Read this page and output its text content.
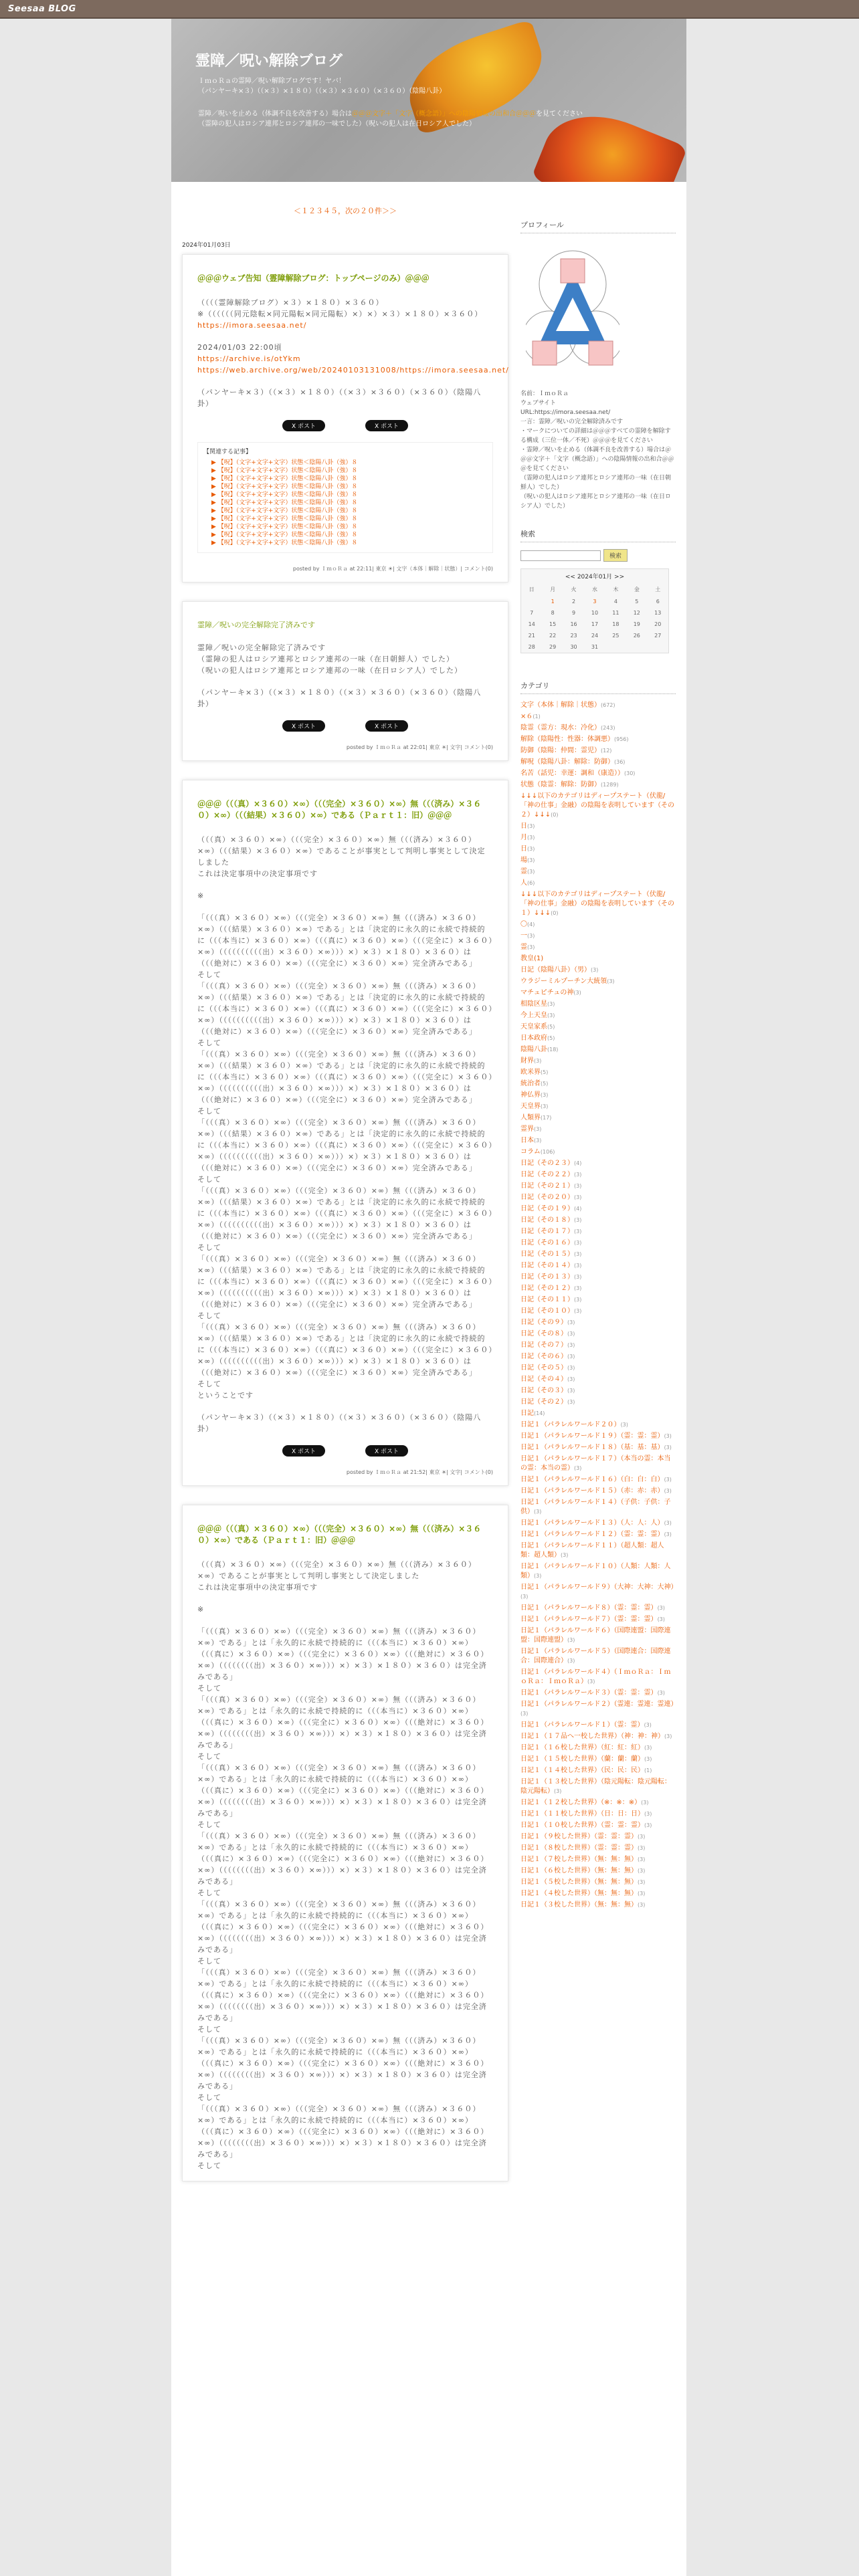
Seesaa BLOG
霊障／呪い解除ブログ
ＩｍｏＲａの霊障／呪い解除ブログです！ヤバ！
（パンヤーキ×３）（（×３）×１８０）（（×３）×３６０）（×３６０）（陰陽八卦）
霊障／呪いを止める（体調不良を改善する）場合は＠＠＠文字＋「文字（概念語）」への陰陽情報の出和合＠＠＠を見てください
（霊障の犯人はロシア連邦とロシア連邦の一味でした）（呪いの犯人は在日ロシア人でした）
＜１２３４５，次の２０件＞＞
2024年01月03日
＠＠＠ウェブ告知（霊障解除ブログ：トップページのみ）＠＠＠
（（（（霊障解除ブログ）×３）×１８０）×３６０）
※（（（（（（同元陰転×同元陽転×同元陽転）×）×）×３）×１８０）×３６０）

https://imora.seesaa.net/

2024/01/03 22:00頃
https://archive.is/otYkm

https://web.archive.org/web/20240103131008/https://imora.seesaa.net/

（パンヤーキ×３）（（×３）×１８０）（（×３）×３６０）（×３６０）（陰陽八卦）

X ポスト	X ポスト
【関連する記事】
▶ 【呪】（文字+文字+文字）状態＜陰陽八卦（強）８
▶ 【呪】（文字+文字+文字）状態＜陰陽八卦（強）８
▶ 【呪】（文字+文字+文字）状態＜陰陽八卦（強）８
▶ 【呪】（文字+文字+文字）状態＜陰陽八卦（強）８
▶ 【呪】（文字+文字+文字）状態＜陰陽八卦（強）８
▶ 【呪】（文字+文字+文字）状態＜陰陽八卦（強）８
▶ 【呪】（文字+文字+文字）状態＜陰陽八卦（強）８
▶ 【呪】（文字+文字+文字）状態＜陰陽八卦（強）８
▶ 【呪】（文字+文字+文字）状態＜陰陽八卦（強）８
▶ 【呪】（文字+文字+文字）状態＜陰陽八卦（強）８
▶ 【呪】（文字+文字+文字）状態＜陰陽八卦（強）８
posted by ＩｍｏＲａ at 22:11| 東京 ☀| 文字（本体｜解除｜状態）| コメント(0)
霊障／呪いの完全解除完了済みです
霊障／呪いの完全解除完了済みです
（霊障の犯人はロシア連邦とロシア連邦の一味（在日朝鮮人）でした）

（呪いの犯人はロシア連邦とロシア連邦の一味（在日ロシア人）でした）

（パンヤーキ×３）（（×３）×１８０）（（×３）×３６０）（×３６０）（陰陽八卦）

X ポスト	X ポスト
posted by ＩｍｏＲａ at 22:01| 東京 ☀| 文字| コメント(0)
＠＠＠（（（真）×３６０）×∞）（（（完全）×３６０）×∞）無（（（済み）×３６０）×∞）（（（結果）×３６０）×∞）である（Ｐａｒｔ１：旧）＠＠＠
（（（真）×３６０）×∞）（（（完全）×３６０）×∞）無（（（済み）×３６０）×∞）（（（結果）×３６０）×∞）であることが事実として判明し事実として決定しました

これは決定事項中の決定事項です

※

「（（（真）×３６０）×∞）（（（完全）×３６０）×∞）無（（（済み）×３６０）×∞）（（（結果）×３６０）×∞）である」とは「決定的に永久的に永続で持続的に（（（本当に）×３６０）×∞）（（（真に）×３６０）×∞）（（（完全に）×３６０）×∞）（（（（（（（（（（出）×３６０）×∞）））×）×３）×１８０）×３６０）は（（（絶対に）×３６０）×∞）（（（完全に）×３６０）×∞）完全済みである」
そして
「（（（真）×３６０）×∞）（（（完全）×３６０）×∞）無（（（済み）×３６０）×∞）（（（結果）×３６０）×∞）である」とは「決定的に永久的に永続で持続的に（（（本当に）×３６０）×∞）（（（真に）×３６０）×∞）（（（完全に）×３６０）×∞）（（（（（（（（（（出）×３６０）×∞）））×）×３）×１８０）×３６０）は（（（絶対に）×３６０）×∞）（（（完全に）×３６０）×∞）完全済みである」
そして
「（（（真）×３６０）×∞）（（（完全）×３６０）×∞）無（（（済み）×３６０）×∞）（（（結果）×３６０）×∞）である」とは「決定的に永久的に永続で持続的に（（（本当に）×３６０）×∞）（（（真に）×３６０）×∞）（（（完全に）×３６０）×∞）（（（（（（（（（（出）×３６０）×∞）））×）×３）×１８０）×３６０）は（（（絶対に）×３６０）×∞）（（（完全に）×３６０）×∞）完全済みである」
そして
「（（（真）×３６０）×∞）（（（完全）×３６０）×∞）無（（（済み）×３６０）×∞）（（（結果）×３６０）×∞）である」とは「決定的に永久的に永続で持続的に（（（本当に）×３６０）×∞）（（（真に）×３６０）×∞）（（（完全に）×３６０）×∞）（（（（（（（（（（出）×３６０）×∞）））×）×３）×１８０）×３６０）は（（（絶対に）×３６０）×∞）（（（完全に）×３６０）×∞）完全済みである」
そして
「（（（真）×３６０）×∞）（（（完全）×３６０）×∞）無（（（済み）×３６０）×∞）（（（結果）×３６０）×∞）である」とは「決定的に永久的に永続で持続的に（（（本当に）×３６０）×∞）（（（真に）×３６０）×∞）（（（完全に）×３６０）×∞）（（（（（（（（（（出）×３６０）×∞）））×）×３）×１８０）×３６０）は（（（絶対に）×３６０）×∞）（（（完全に）×３６０）×∞）完全済みである」
そして
「（（（真）×３６０）×∞）（（（完全）×３６０）×∞）無（（（済み）×３６０）×∞）（（（結果）×３６０）×∞）である」とは「決定的に永久的に永続で持続的に（（（本当に）×３６０）×∞）（（（真に）×３６０）×∞）（（（完全に）×３６０）×∞）（（（（（（（（（（出）×３６０）×∞）））×）×３）×１８０）×３６０）は（（（絶対に）×３６０）×∞）（（（完全に）×３６０）×∞）完全済みである」
そして
「（（（真）×３６０）×∞）（（（完全）×３６０）×∞）無（（（済み）×３６０）×∞）（（（結果）×３６０）×∞）である」とは「決定的に永久的に永続で持続的に（（（本当に）×３６０）×∞）（（（真に）×３６０）×∞）（（（完全に）×３６０）×∞）（（（（（（（（（（出）×３６０）×∞）））×）×３）×１８０）×３６０）は（（（絶対に）×３６０）×∞）（（（完全に）×３６０）×∞）完全済みである」
そして

ということです

（パンヤーキ×３）（（×３）×１８０）（（×３）×３６０）（×３６０）（陰陽八卦）

X ポスト	X ポスト
posted by ＩｍｏＲａ at 21:52| 東京 ☀| 文字| コメント(0)
＠＠＠（（（真）×３６０）×∞）（（（完全）×３６０）×∞）無（（（済み）×３６０）×∞）である（Ｐａｒｔ１：旧）＠＠＠
（（（真）×３６０）×∞）（（（完全）×３６０）×∞）無（（（済み）×３６０）×∞）であることが事実として判明し事実として決定しました

これは決定事項中の決定事項です

※

「（（（真）×３６０）×∞）（（（完全）×３６０）×∞）無（（（済み）×３６０）×∞）である」とは「永久的に永続で持続的に（（（本当に）×３６０）×∞）（（（真に）×３６０）×∞）（（（完全に）×３６０）×∞）（（（絶対に）×３６０）×∞）（（（（（（（（出）×３６０）×∞）））×）×３）×１８０）×３６０）は完全済みである」
そして
「（（（真）×３６０）×∞）（（（完全）×３６０）×∞）無（（（済み）×３６０）×∞）である」とは「永久的に永続で持続的に（（（本当に）×３６０）×∞）（（（真に）×３６０）×∞）（（（完全に）×３６０）×∞）（（（絶対に）×３６０）×∞）（（（（（（（（出）×３６０）×∞）））×）×３）×１８０）×３６０）は完全済みである」
そして
「（（（真）×３６０）×∞）（（（完全）×３６０）×∞）無（（（済み）×３６０）×∞）である」とは「永久的に永続で持続的に（（（本当に）×３６０）×∞）（（（真に）×３６０）×∞）（（（完全に）×３６０）×∞）（（（絶対に）×３６０）×∞）（（（（（（（（出）×３６０）×∞）））×）×３）×１８０）×３６０）は完全済みである」
そして
「（（（真）×３６０）×∞）（（（完全）×３６０）×∞）無（（（済み）×３６０）×∞）である」とは「永久的に永続で持続的に（（（本当に）×３６０）×∞）（（（真に）×３６０）×∞）（（（完全に）×３６０）×∞）（（（絶対に）×３６０）×∞）（（（（（（（（出）×３６０）×∞）））×）×３）×１８０）×３６０）は完全済みである」
そして
「（（（真）×３６０）×∞）（（（完全）×３６０）×∞）無（（（済み）×３６０）×∞）である」とは「永久的に永続で持続的に（（（本当に）×３６０）×∞）（（（真に）×３６０）×∞）（（（完全に）×３６０）×∞）（（（絶対に）×３６０）×∞）（（（（（（（（出）×３６０）×∞）））×）×３）×１８０）×３６０）は完全済みである」
そして
「（（（真）×３６０）×∞）（（（完全）×３６０）×∞）無（（（済み）×３６０）×∞）である」とは「永久的に永続で持続的に（（（本当に）×３６０）×∞）（（（真に）×３６０）×∞）（（（完全に）×３６０）×∞）（（（絶対に）×３６０）×∞）（（（（（（（（出）×３６０）×∞）））×）×３）×１８０）×３６０）は完全済みである」
そして
「（（（真）×３６０）×∞）（（（完全）×３６０）×∞）無（（（済み）×３６０）×∞）である」とは「永久的に永続で持続的に（（（本当に）×３６０）×∞）（（（真に）×３６０）×∞）（（（完全に）×３６０）×∞）（（（絶対に）×３６０）×∞）（（（（（（（（出）×３６０）×∞）））×）×３）×１８０）×３６０）は完全済みである」
そして
「（（（真）×３６０）×∞）（（（完全）×３６０）×∞）無（（（済み）×３６０）×∞）である」とは「永久的に永続で持続的に（（（本当に）×３６０）×∞）（（（真に）×３６０）×∞）（（（完全に）×３６０）×∞）（（（絶対に）×３６０）×∞）（（（（（（（（出）×３６０）×∞）））×）×３）×１８０）×３６０）は完全済みである」
そして
プロフィール
名前：ＩｍｏＲａ
ウェブサイト
URL:https://imora.seesaa.net/
一言：霊障／呪いの完全解除済みです
・マークについての詳細は＠＠＠すべての霊障を解除する構成（三位一体／不死）＠＠＠を見てください
・霊障／呪いを止める（体調不良を改善する）場合は＠＠＠文字＋「文字（概念語）」への陰陽情報の出和合＠＠＠を見てください
（霊障の犯人はロシア連邦とロシア連邦の一味（在日朝鮮人）でした）
（呪いの犯人はロシア連邦とロシア連邦の一味（在日ロシア人）でした）
検索
検索
<< 2024年01月 >>
日	月	火	水	木	金	土
	1	2	3	4	5	6
7	8	9	10	11	12	13
14	15	16	17	18	19	20
21	22	23	24	25	26	27
28	29	30	31			
カテゴリ
文字（本体｜解除｜状態）(672)
×６(1)
陰霊（霊方：現水：冷化）(243)
解除（陰陽性：性器：体調悪）(956)
防御（陰陽：仲間：霊児）(12)
解呪（陰陽八卦：解除：防御）(36)
名苦（話児：幸運：調和（康造））(30)
状態（陰霊：解除：防御）(1289)
↓↓↓以下のカテゴリはディープステート（伏龍/「神の仕事」金融）の陰陽を表明しています（その２）↓↓↓(0)
日(3)
月(3)
日(3)
場(3)
霊(3)
人(6)
↓↓↓以下のカテゴリはディープステート（伏龍/「神の仕事」金融）の陰陽を表明しています（その１）↓↓↓(0)
〇(4)
一(3)
霊(3)
教皇(1)
日記（陰陽八卦）（男）(3)
ウラジーミルプーチン大統領(3)
マチュピチュの神(3)
相陰区星(3)
今上天皇(3)
天皇家系(5)
日本政府(5)
陰陽八卦(18)
財界(3)
欧米界(5)
統治者(5)
神仏界(3)
天皇界(3)
人類界(17)
霊界(3)
日本(3)
コラム(106)
日記（その２３）(4)
日記（その２２）(3)
日記（その２１）(3)
日記（その２０）(3)
日記（その１９）(4)
日記（その１８）(3)
日記（その１７）(3)
日記（その１６）(3)
日記（その１５）(3)
日記（その１４）(3)
日記（その１３）(3)
日記（その１２）(3)
日記（その１１）(3)
日記（その１０）(3)
日記（その９）(3)
日記（その８）(3)
日記（その７）(3)
日記（その６）(3)
日記（その５）(3)
日記（その４）(3)
日記（その３）(3)
日記（その２）(3)
日記(14)
日記１（パラレルワールド２０）(3)
日記１（パラレルワールド１９）（霊：霊：霊）(3)
日記１（パラレルワールド１８）（基：基：基）(3)
日記１（パラレルワールド１７）（本当の霊：本当の霊：本当の霊）(3)
日記１（パラレルワールド１６）（白：白：白）(3)
日記１（パラレルワールド１５）（赤：赤：赤）(3)
日記１（パラレルワールド１４）（子供：子供：子供）(3)
日記１（パラレルワールド１３）（人：人：人）(3)
日記１（パラレルワールド１２）（霊：霊：霊）(3)
日記１（パラレルワールド１１）（超人類：超人類：超人類）(3)
日記１（パラレルワールド１０）（人類：人類：人類）(3)
日記１（パラレルワールド９）（大神：大神：大神）(3)
日記１（パラレルワールド８）（霊：霊：霊）(3)
日記１（パラレルワールド７）（霊：霊：霊）(3)
日記１（パラレルワールド６）（国際連盟：国際連盟：国際連盟）(3)
日記１（パラレルワールド５）（国際連合：国際連合：国際連合）(3)
日記１（パラレルワールド４）（ＩｍｏＲａ：ＩｍｏＲａ：ＩｍｏＲａ）(3)
日記１（パラレルワールド３）（霊：霊：霊）(3)
日記１（パラレルワールド２）（霊連：霊連：霊連）(3)
日記１（パラレルワールド１）（霊：霊）(3)
日記１（１７品へ一校した世界）（神：神：神）(3)
日記１（１６校した世界）（紅：紅：紅）(3)
日記１（１５校した世界）（蘭：蘭：蘭）(3)
日記１（１４校した世界）（民：民：民）(1)
日記１（１３校した世界）（陰元陽転：陰元陽転：陰元陽転）(3)
日記１（１２校した世界）（※：※：※）(3)
日記１（１１校した世界）（日：日：日）(3)
日記１（１０校した世界）（霊：霊：霊）(3)
日記１（９校した世界）（霊：霊：霊）(3)
日記１（８校した世界）（霊：霊：霊）(3)
日記１（７校した世界）（無：無：無）(3)
日記１（６校した世界）（無：無：無）(3)
日記１（５校した世界）（無：無：無）(3)
日記１（４校した世界）（無：無：無）(3)
日記１（３校した世界）（無：無：無）(3)
